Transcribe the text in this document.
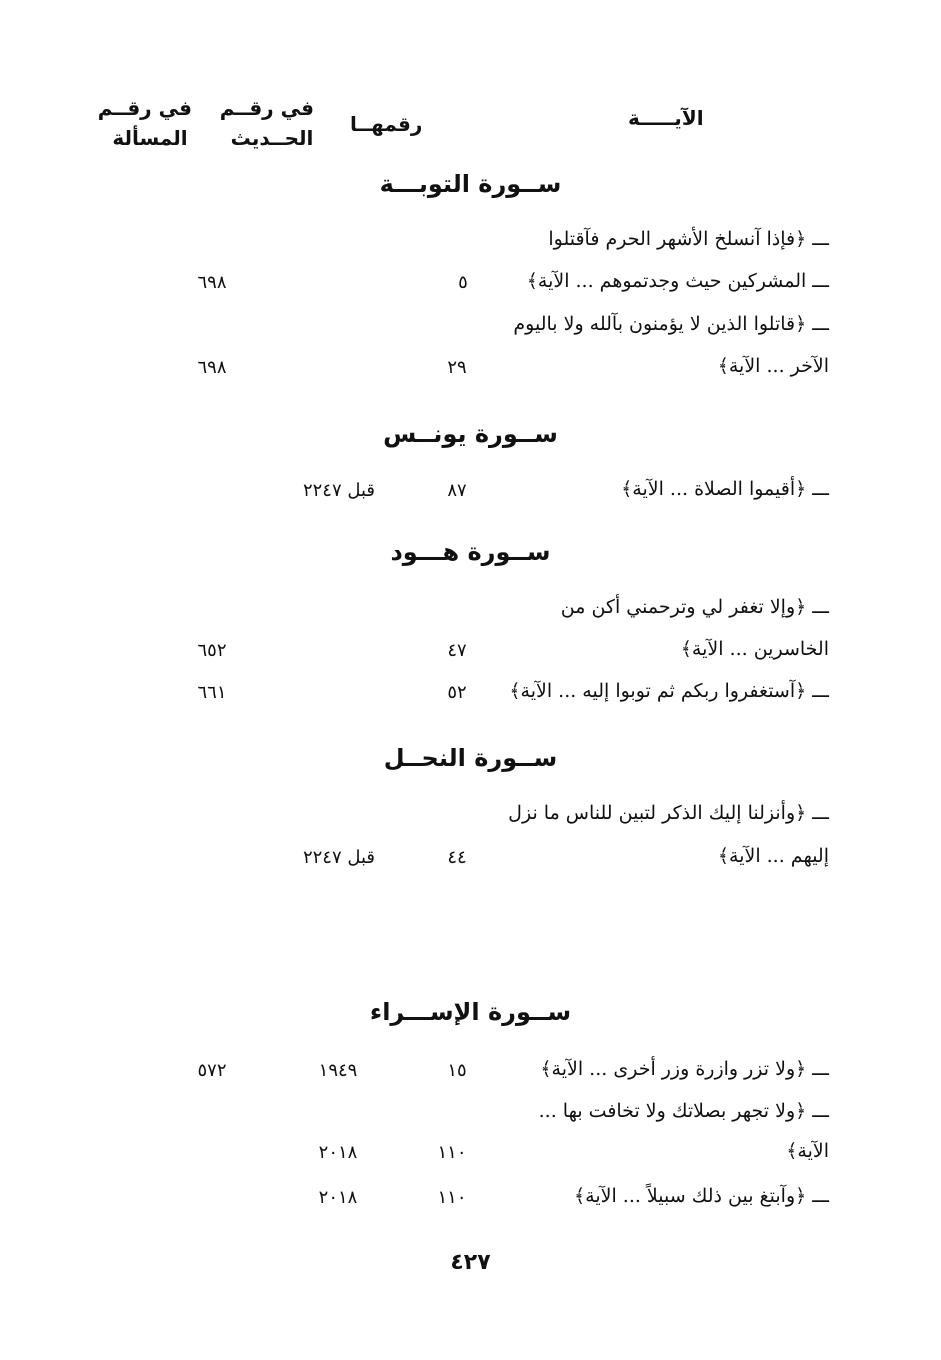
الآيـــــة
رقمهــا
في رقــم
الحــديث
في رقــم
المسألة
ســورة التوبـــة
ـــ ﴿فإذا آنسلخ الأشهر الحرم فآقتلوا
ـــ المشركين حيث وجدتموهم ... الآية﴾
٥
٦٩٨
ـــ ﴿قاتلوا الذين لا يؤمنون بآلله ولا باليوم
الآخر ... الآية﴾
٢٩
٦٩٨
ســورة يونــس
ـــ ﴿أقيموا الصلاة ... الآية﴾
٨٧
قبل ٢٢٤٧
ســورة هـــود
ـــ ﴿وإلا تغفر لي وترحمني أكن من
الخاسرين ... الآية﴾
٤٧
٦٥٢
ـــ ﴿آستغفروا ربكم ثم توبوا إليه ... الآية﴾
٥٢
٦٦١
ســورة النحــل
ـــ ﴿وأنزلنا إليك الذكر لتبين للناس ما نزل
إليهم ... الآية﴾
٤٤
قبل ٢٢٤٧
ســورة الإســـراء
ـــ ﴿ولا تزر وازرة وزر أخرى ... الآية﴾
١٥
١٩٤٩
٥٧٢
ـــ ﴿ولا تجهر بصلاتك ولا تخافت بها ...
الآية﴾
١١٠
٢٠١٨
ـــ ﴿وآبتغ بين ذلك سبيلاً ... الآية﴾
١١٠
٢٠١٨
٤٢٧
